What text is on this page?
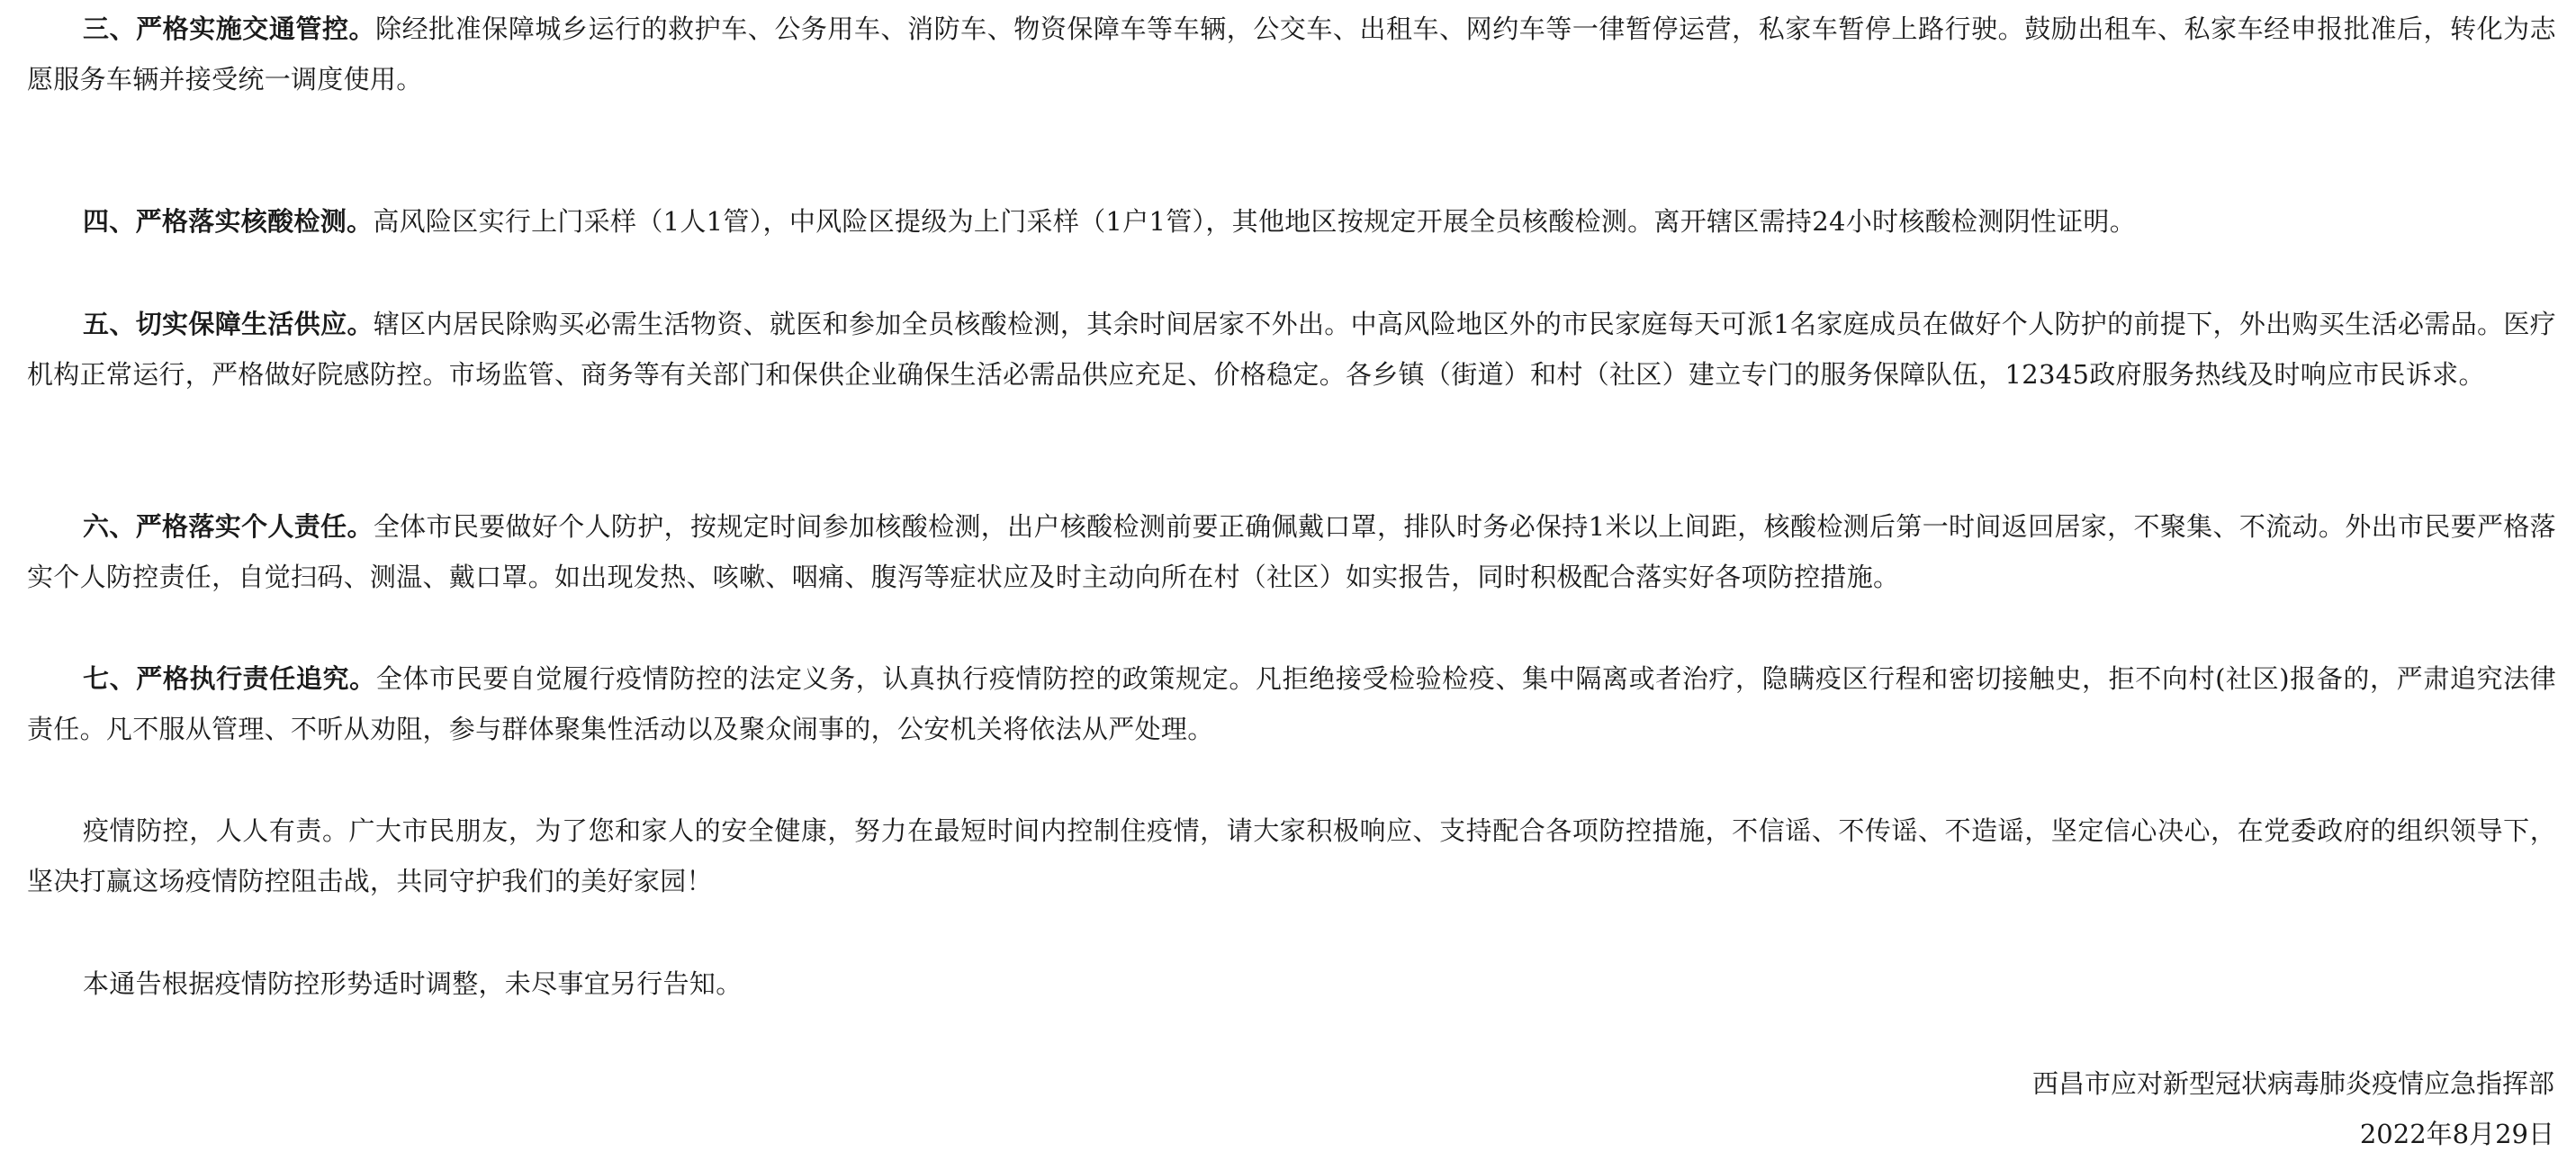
三、严格实施交通管控。除经批准保障城乡运行的救护车、公务用车、消防车、物资保障车等车辆，公交车、出租车、网约车等一律暂停运营，私家车暂停上路行驶。鼓励出租车、私家车经申报批准后，转化为志愿服务车辆并接受统一调度使用。

四、严格落实核酸检测。高风险区实行上门采样（1人1管），中风险区提级为上门采样（1户1管），其他地区按规定开展全员核酸检测。离开辖区需持24小时核酸检测阴性证明。

五、切实保障生活供应。辖区内居民除购买必需生活物资、就医和参加全员核酸检测，其余时间居家不外出。中高风险地区外的市民家庭每天可派1名家庭成员在做好个人防护的前提下，外出购买生活必需品。医疗机构正常运行，严格做好院感防控。市场监管、商务等有关部门和保供企业确保生活必需品供应充足、价格稳定。各乡镇（街道）和村（社区）建立专门的服务保障队伍，12345政府服务热线及时响应市民诉求。

六、严格落实个人责任。全体市民要做好个人防护，按规定时间参加核酸检测，出户核酸检测前要正确佩戴口罩，排队时务必保持1米以上间距，核酸检测后第一时间返回居家，不聚集、不流动。外出市民要严格落实个人防控责任，自觉扫码、测温、戴口罩。如出现发热、咳嗽、咽痛、腹泻等症状应及时主动向所在村（社区）如实报告，同时积极配合落实好各项防控措施。

七、严格执行责任追究。全体市民要自觉履行疫情防控的法定义务，认真执行疫情防控的政策规定。凡拒绝接受检验检疫、集中隔离或者治疗，隐瞒疫区行程和密切接触史，拒不向村(社区)报备的，严肃追究法律责任。凡不服从管理、不听从劝阻，参与群体聚集性活动以及聚众闹事的，公安机关将依法从严处理。

疫情防控，人人有责。广大市民朋友，为了您和家人的安全健康，努力在最短时间内控制住疫情，请大家积极响应、支持配合各项防控措施，不信谣、不传谣、不造谣，坚定信心决心，在党委政府的组织领导下，坚决打赢这场疫情防控阻击战，共同守护我们的美好家园！

本通告根据疫情防控形势适时调整，未尽事宜另行告知。

西昌市应对新型冠状病毒肺炎疫情应急指挥部
2022年8月29日
